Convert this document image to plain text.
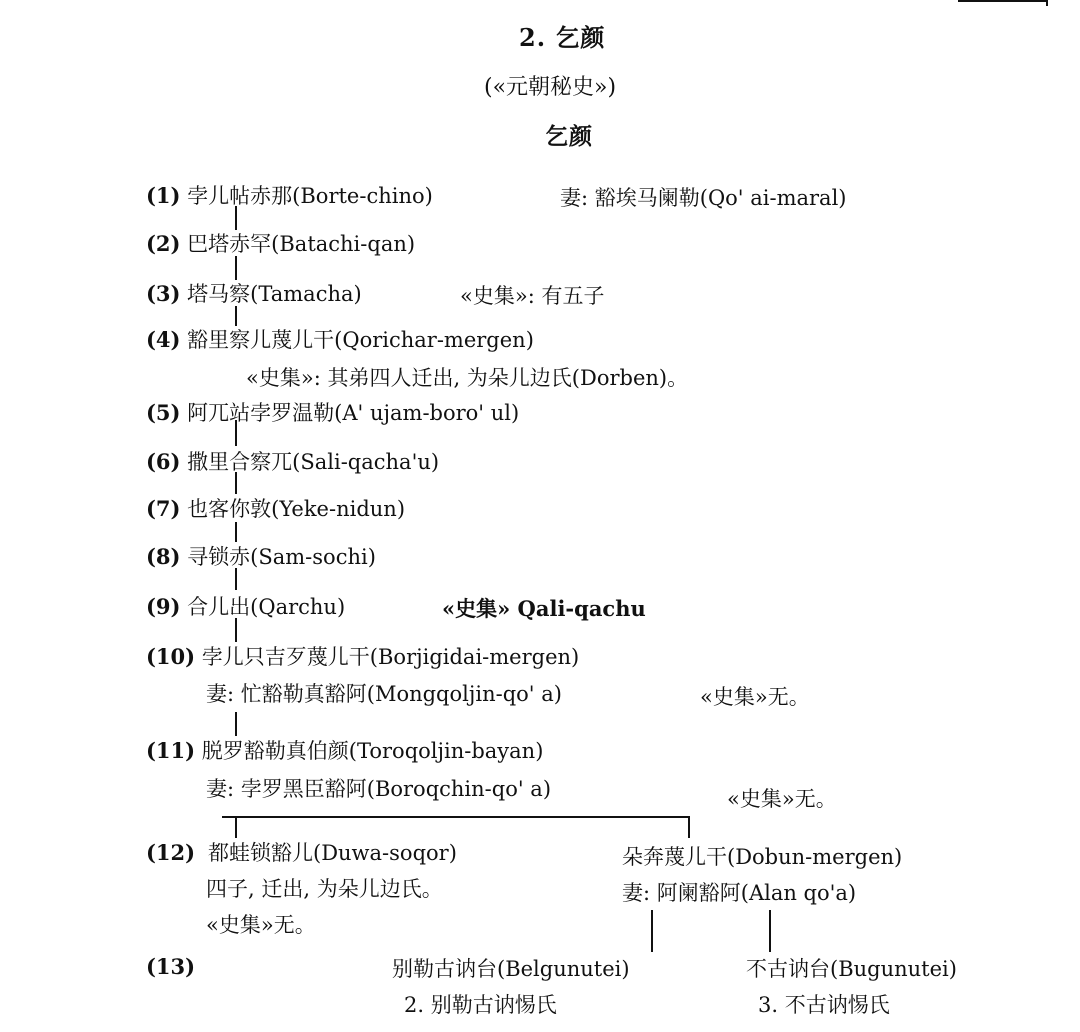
2. 乞颜
(«元朝秘史»)
乞颜
(1) 孛儿帖赤那(Borte-chino)	妻: 豁埃马阑勒(Qo' ai-maral)
(2) 巴塔赤罕(Batachi-qan)
(3) 塔马察(Tamacha)	«史集»: 有五子
(4) 豁里察儿蔑儿干(Qorichar-mergen)
«史集»: 其弟四人迁出, 为朵儿边氏(Dorben)。
(5) 阿兀站孛罗温勒(A' ujam-boro' ul)
(6) 撒里合察兀(Sali-qacha'u)
(7) 也客你敦(Yeke-nidun)
(8) 寻锁赤(Sam-sochi)
(9) 合儿出(Qarchu)	«史集» Qali-qachu
(10) 孛儿只吉歹蔑儿干(Borjigidai-mergen)
妻: 忙豁勒真豁阿(Mongqoljin-qo' a)	«史集»无。
(11) 脱罗豁勒真伯颜(Toroqoljin-bayan)
妻: 孛罗黑臣豁阿(Boroqchin-qo' a)	«史集»无。
(12) 都蛙锁豁儿(Duwa-soqor)
四子, 迁出, 为朵儿边氏。
«史集»无。
朵奔蔑儿干(Dobun-mergen)
妻: 阿阑豁阿(Alan qo'a)
(13)	别勒古讷台(Belgunutei)
2. 别勒古讷惕氏
不古讷台(Bugunutei)
3. 不古讷惕氏
